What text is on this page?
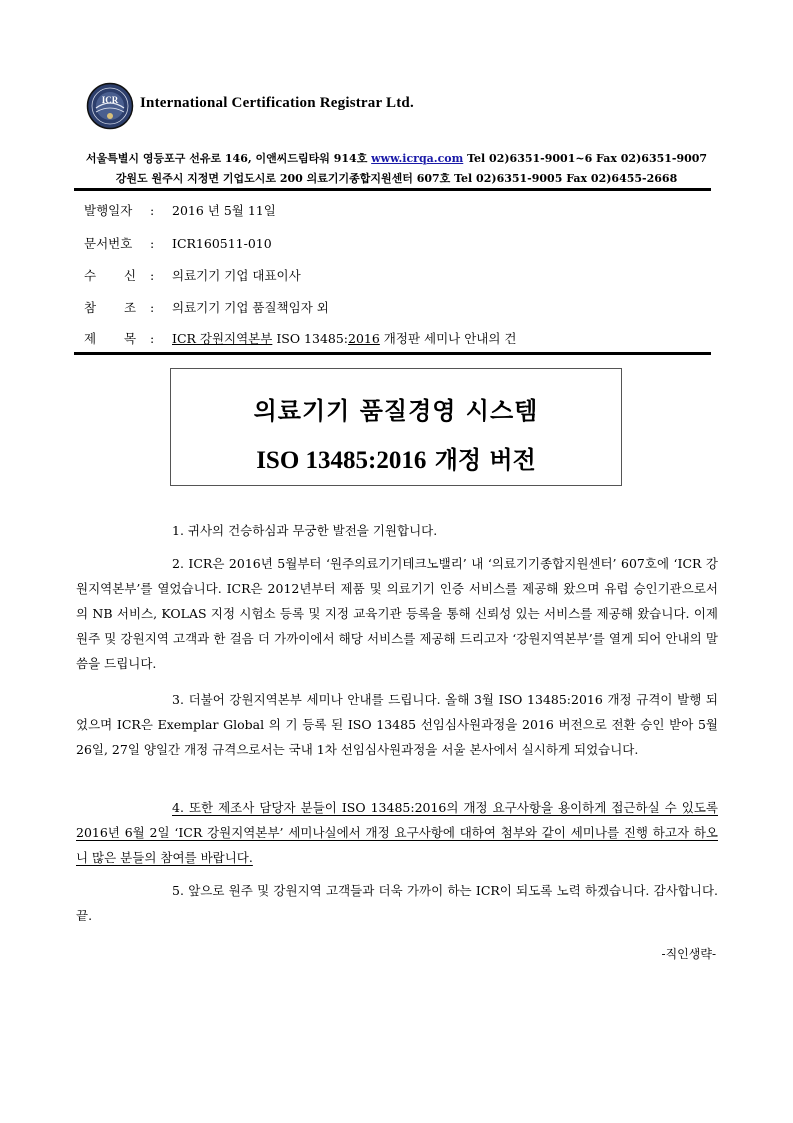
ICR International Certification Registrar Ltd.
서울특별시 영등포구 선유로 146, 이앤씨드림타워 914호 www.icrqa.com Tel 02)6351-9001~6 Fax 02)6351-9007
강원도 원주시 지정면 기업도시로 200 의료기기종합지원센터 607호 Tel 02)6351-9005 Fax 02)6455-2668
발행일자 : 2016 년 5월 11일
문서번호 : ICR160511-010
수 신 : 의료기기 기업 대표이사
참 조 : 의료기기 기업 품질책임자 외
제 목 : ICR 강원지역본부 ISO 13485:2016 개정판 세미나 안내의 건
의료기기 품질경영 시스템
ISO 13485:2016 개정 버전
1. 귀사의 건승하심과 무궁한 발전을 기원합니다.
2. ICR은 2016년 5월부터 ‘원주의료기기테크노밸리’ 내 ‘의료기기종합지원센터’ 607호에 ‘ICR 강원지역본부’를 열었습니다. ICR은 2012년부터 제품 및 의료기기 인증 서비스를 제공해 왔으며 유럽 승인기관으로서의 NB 서비스, KOLAS 지정 시험소 등록 및 지정 교육기관 등록을 통해 신뢰성 있는 서비스를 제공해 왔습니다. 이제 원주 및 강원지역 고객과 한 걸음 더 가까이에서 해당 서비스를 제공해 드리고자 ‘강원지역본부’를 열게 되어 안내의 말씀을 드립니다.
3. 더불어 강원지역본부 세미나 안내를 드립니다. 올해 3월 ISO 13485:2016 개정 규격이 발행 되었으며 ICR은 Exemplar Global 의 기 등록 된 ISO 13485 선임심사원과정을 2016 버전으로 전환 승인 받아 5월 26일, 27일 양일간 개정 규격으로서는 국내 1차 선임심사원과정을 서울 본사에서 실시하게 되었습니다.
4. 또한 제조사 담당자 분들이 ISO 13485:2016의 개정 요구사항을 용이하게 접근하실 수 있도록 2016년 6월 2일 ‘ICR 강원지역본부’ 세미나실에서 개정 요구사항에 대하여 첨부와 같이 세미나를 진행 하고자 하오니 많은 분들의 참여를 바랍니다.
5. 앞으로 원주 및 강원지역 고객들과 더욱 가까이 하는 ICR이 되도록 노력 하겠습니다. 감사합니다. 끝.
-직인생략-
